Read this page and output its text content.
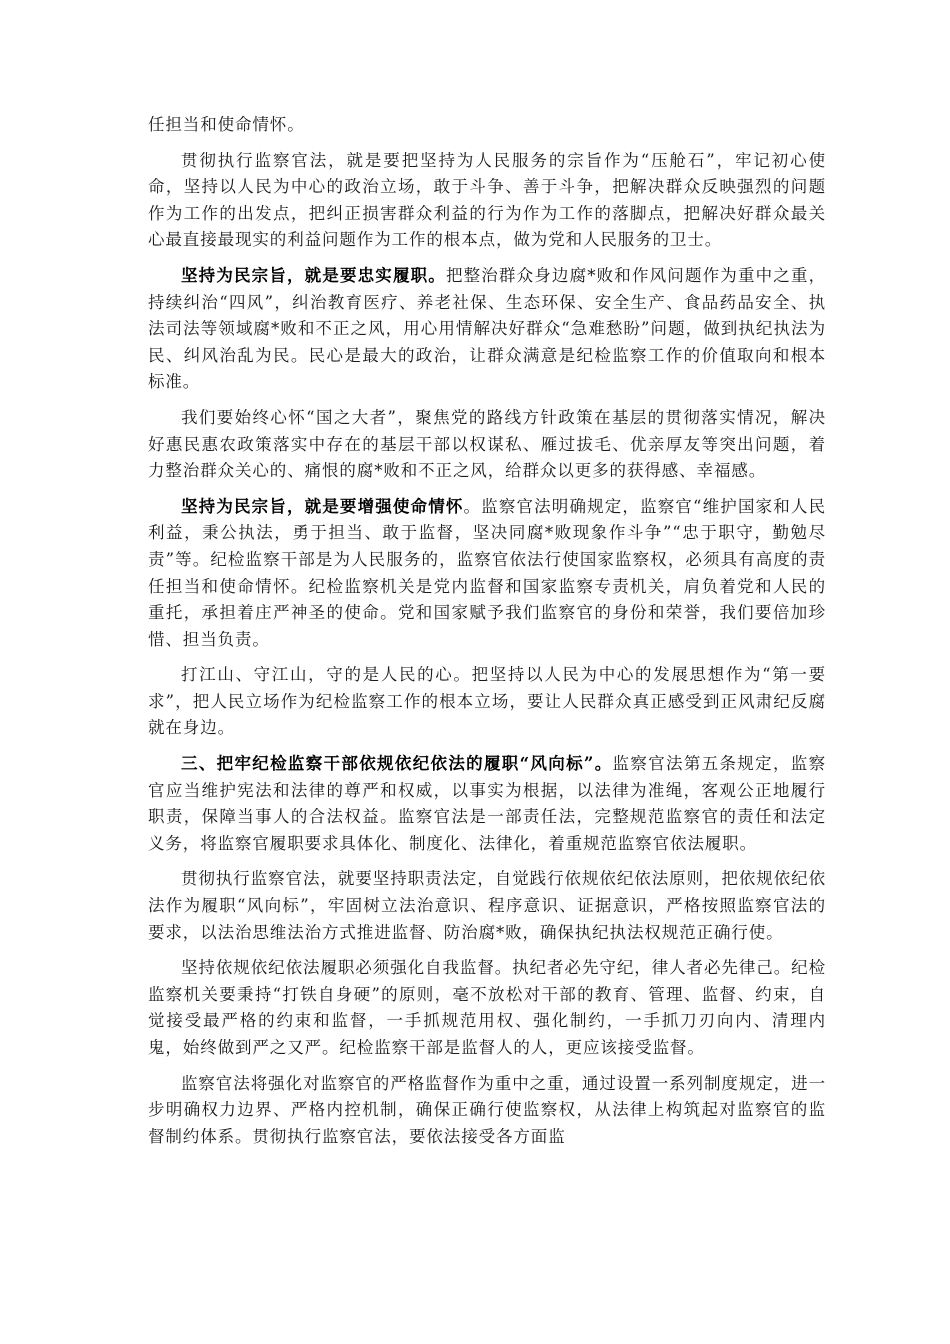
任担当和使命情怀。

贯彻执行监察官法，就是要把坚持为人民服务的宗旨作为“压舱石”，牢记初心使命，坚持以人民为中心的政治立场，敢于斗争、善于斗争，把解决群众反映强烈的问题作为工作的出发点，把纠正损害群众利益的行为作为工作的落脚点，把解决好群众最关心最直接最现实的利益问题作为工作的根本点，做为党和人民服务的卫士。

坚持为民宗旨，就是要忠实履职。把整治群众身边腐*败和作风问题作为重中之重，持续纠治“四风”，纠治教育医疗、养老社保、生态环保、安全生产、食品药品安全、执法司法等领域腐*败和不正之风，用心用情解决好群众“急难愁盼”问题，做到执纪执法为民、纠风治乱为民。民心是最大的政治，让群众满意是纪检监察工作的价值取向和根本标准。

我们要始终心怀“国之大者”，聚焦党的路线方针政策在基层的贯彻落实情况，解决好惠民惠农政策落实中存在的基层干部以权谋私、雁过拔毛、优亲厚友等突出问题，着力整治群众关心的、痛恨的腐*败和不正之风，给群众以更多的获得感、幸福感。

坚持为民宗旨，就是要增强使命情怀。监察官法明确规定，监察官“维护国家和人民利益，秉公执法，勇于担当、敢于监督，坚决同腐*败现象作斗争”“忠于职守，勤勉尽责”等。纪检监察干部是为人民服务的，监察官依法行使国家监察权，必须具有高度的责任担当和使命情怀。纪检监察机关是党内监督和国家监察专责机关，肩负着党和人民的重托，承担着庄严神圣的使命。党和国家赋予我们监察官的身份和荣誉，我们要倍加珍惜、担当负责。

打江山、守江山，守的是人民的心。把坚持以人民为中心的发展思想作为“第一要求”，把人民立场作为纪检监察工作的根本立场，要让人民群众真正感受到正风肃纪反腐就在身边。

三、把牢纪检监察干部依规依纪依法的履职“风向标”。监察官法第五条规定，监察官应当维护宪法和法律的尊严和权威，以事实为根据，以法律为准绳，客观公正地履行职责，保障当事人的合法权益。监察官法是一部责任法，完整规范监察官的责任和法定义务，将监察官履职要求具体化、制度化、法律化，着重规范监察官依法履职。

贯彻执行监察官法，就要坚持职责法定，自觉践行依规依纪依法原则，把依规依纪依法作为履职“风向标”，牢固树立法治意识、程序意识、证据意识，严格按照监察官法的要求，以法治思维法治方式推进监督、防治腐*败，确保执纪执法权规范正确行使。

坚持依规依纪依法履职必须强化自我监督。执纪者必先守纪，律人者必先律己。纪检监察机关要秉持“打铁自身硬”的原则，毫不放松对干部的教育、管理、监督、约束，自觉接受最严格的约束和监督，一手抓规范用权、强化制约，一手抓刀刃向内、清理内鬼，始终做到严之又严。纪检监察干部是监督人的人，更应该接受监督。

监察官法将强化对监察官的严格监督作为重中之重，通过设置一系列制度规定，进一步明确权力边界、严格内控机制，确保正确行使监察权，从法律上构筑起对监察官的监督制约体系。贯彻执行监察官法，要依法接受各方面监
